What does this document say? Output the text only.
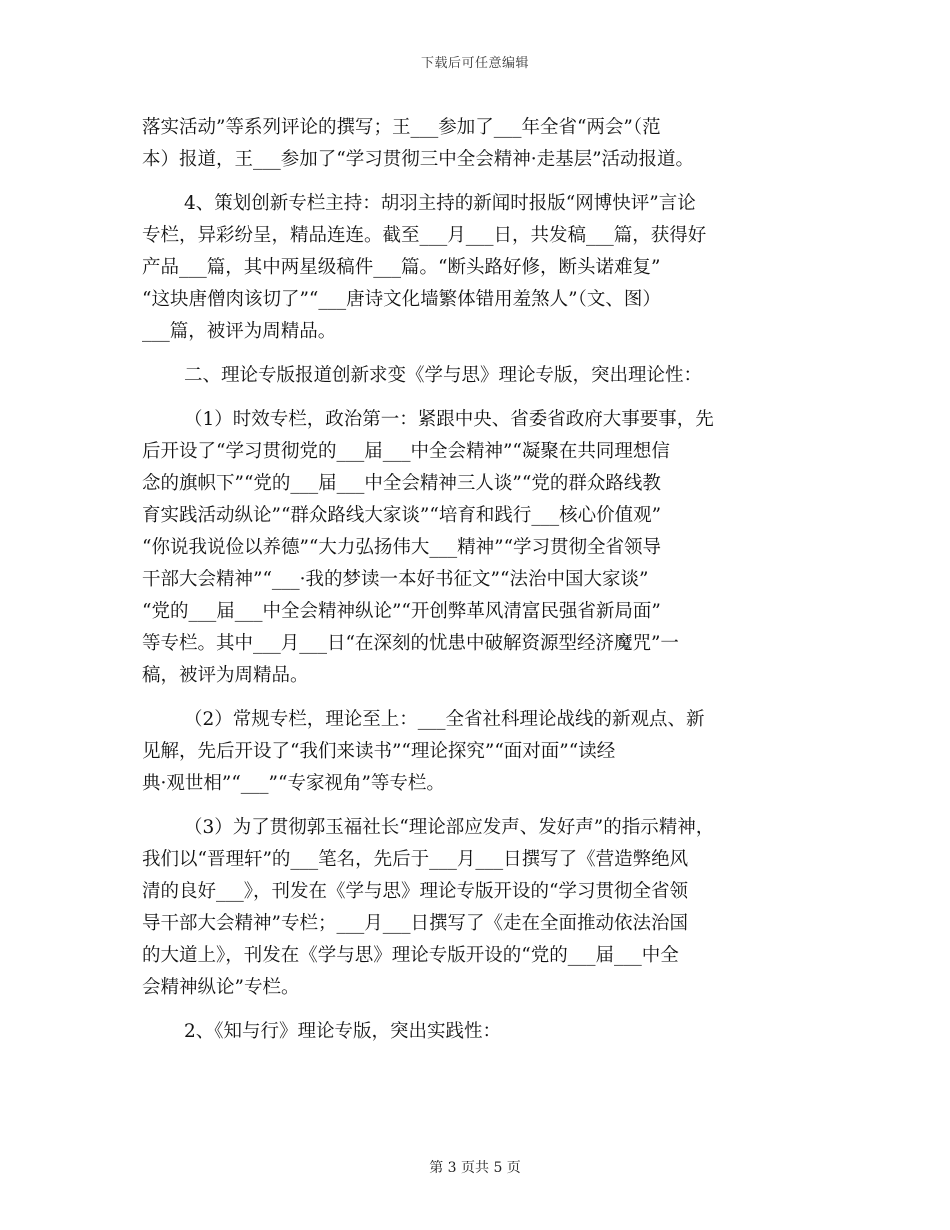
下载后可任意编辑
落实活动”等系列评论的撰写；王___参加了___年全省“两会”（范
本）报道，王___参加了“学习贯彻三中全会精神·走基层”活动报道。
4、策划创新专栏主持：胡羽主持的新闻时报版“网博快评”言论
专栏，异彩纷呈，精品连连。截至___月___日，共发稿___篇，获得好
产品___篇，其中两星级稿件___篇。“断头路好修，断头诺难复”
“这块唐僧肉该切了”“___唐诗文化墙繁体错用羞煞人”（文、图）
___篇，被评为周精品。
二、理论专版报道创新求变《学与思》理论专版，突出理论性：
（1）时效专栏，政治第一：紧跟中央、省委省政府大事要事，先
后开设了“学习贯彻党的___届___中全会精神”“凝聚在共同理想信
念的旗帜下”“党的___届___中全会精神三人谈”“党的群众路线教
育实践活动纵论”“群众路线大家谈”“培育和践行___核心价值观”
“你说我说俭以养德”“大力弘扬伟大___精神”“学习贯彻全省领导
干部大会精神”“___·我的梦读一本好书征文”“法治中国大家谈”
“党的___届___中全会精神纵论”“开创弊革风清富民强省新局面”
等专栏。其中___月___日“在深刻的忧患中破解资源型经济魔咒”一
稿，被评为周精品。
（2）常规专栏，理论至上：___全省社科理论战线的新观点、新
见解，先后开设了“我们来读书”“理论探究”“面对面”“读经
典·观世相”“___”“专家视角”等专栏。
（3）为了贯彻郭玉福社长“理论部应发声、发好声”的指示精神，
我们以“晋理轩”的___笔名，先后于___月___日撰写了《营造弊绝风
清的良好___》，刊发在《学与思》理论专版开设的“学习贯彻全省领
导干部大会精神”专栏；___月___日撰写了《走在全面推动依法治国
的大道上》，刊发在《学与思》理论专版开设的“党的___届___中全
会精神纵论”专栏。
2、《知与行》理论专版，突出实践性：
第 3 页共 5 页
